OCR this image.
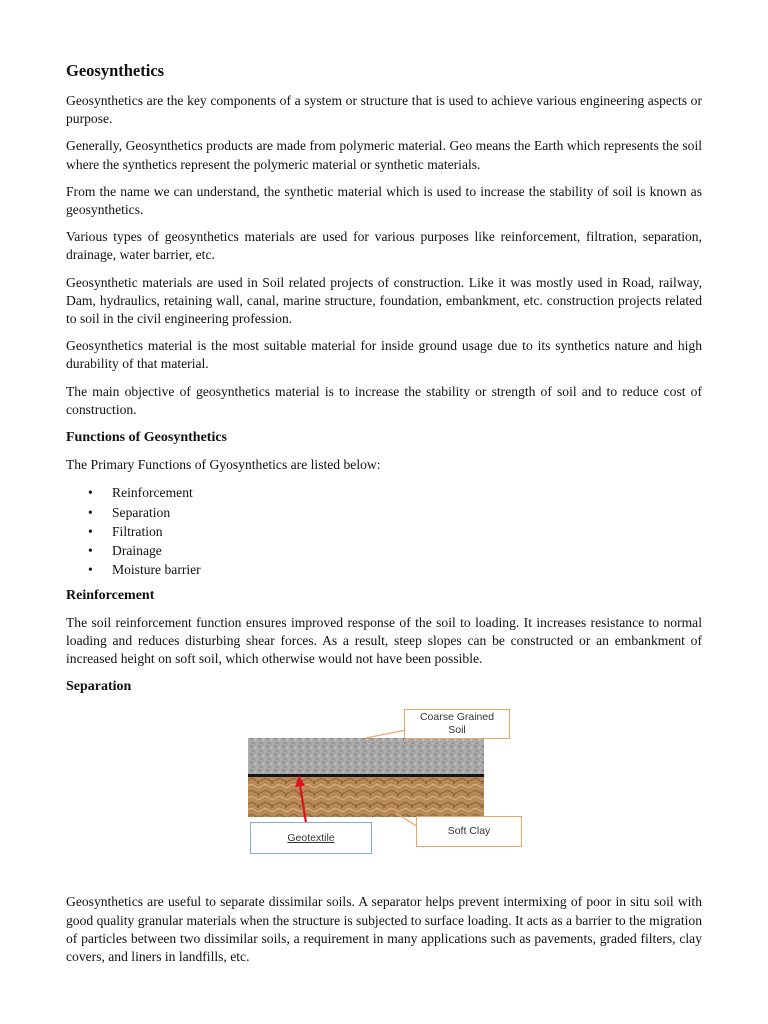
Geosynthetics

Geosynthetics are the key components of a system or structure that is used to achieve various engineering aspects or purpose.

Generally, Geosynthetics products are made from polymeric material. Geo means the Earth which represents the soil where the synthetics represent the polymeric material or synthetic materials.

From the name we can understand, the synthetic material which is used to increase the stability of soil is known as geosynthetics.

Various types of geosynthetics materials are used for various purposes like reinforcement, filtration, separation, drainage, water barrier, etc.

Geosynthetic materials are used in Soil related projects of construction. Like it was mostly used in Road, railway, Dam, hydraulics, retaining wall, canal, marine structure, foundation, embankment, etc. construction projects related to soil in the civil engineering profession.

Geosynthetics material is the most suitable material for inside ground usage due to its synthetics nature and high durability of that material.

The main objective of geosynthetics material is to increase the stability or strength of soil and to reduce cost of construction.

Functions of Geosynthetics

The Primary Functions of Gyosynthetics are listed below:

• Reinforcement
• Separation
• Filtration
• Drainage
• Moisture barrier
Reinforcement

The soil reinforcement function ensures improved response of the soil to loading. It increases resistance to normal loading and reduces disturbing shear forces. As a result, steep slopes can be constructed or an embankment of increased height on soft soil, which otherwise would not have been possible.

Separation
Coarse Grained
Soil
Soft Clay
Geotextile

Geosynthetics are useful to separate dissimilar soils. A separator helps prevent intermixing of poor in situ soil with good quality granular materials when the structure is subjected to surface loading. It acts as a barrier to the migration of particles between two dissimilar soils, a requirement in many applications such as pavements, graded filters, clay covers, and liners in landfills, etc.
